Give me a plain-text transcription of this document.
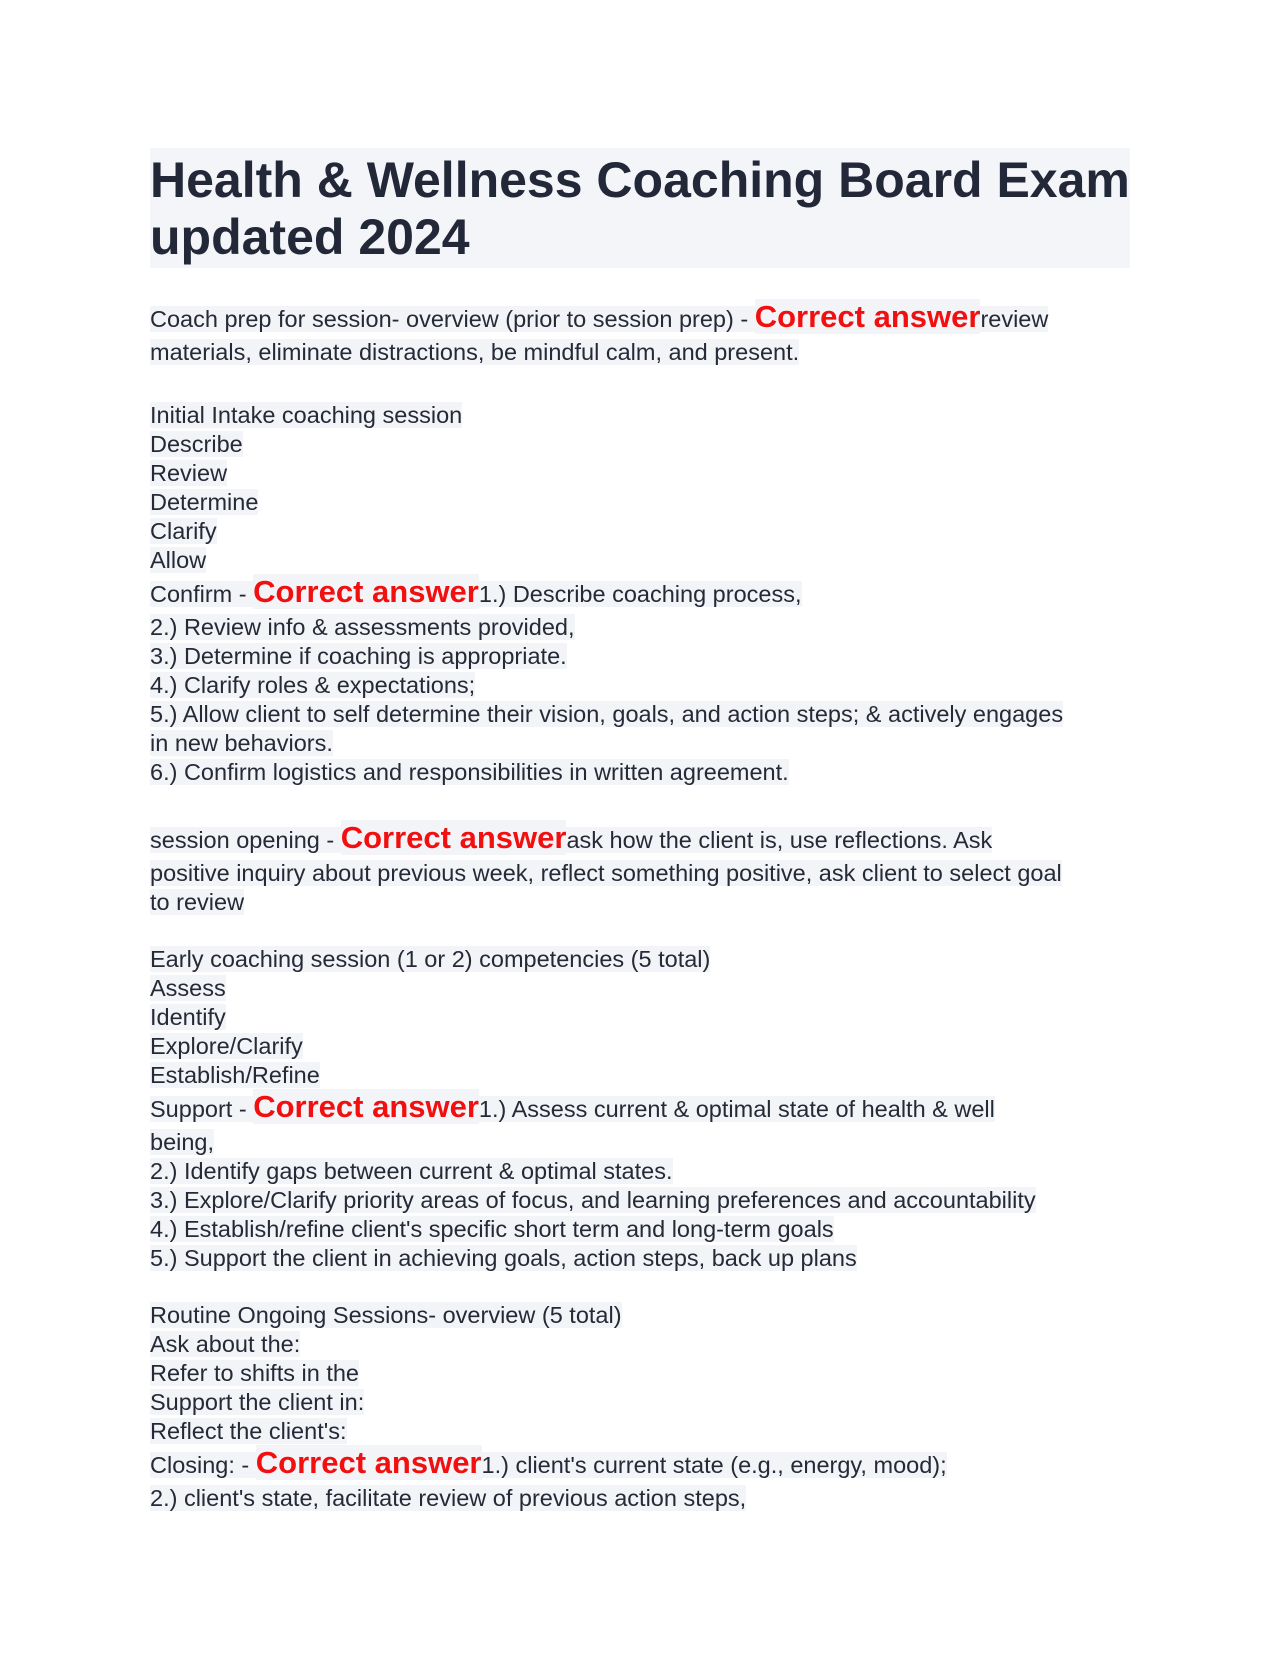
Health & Wellness Coaching Board Exam updated 2024
Coach prep for session- overview (prior to session prep) - Correct answerreview
materials, eliminate distractions, be mindful calm, and present.
Initial Intake coaching session
Describe
Review
Determine
Clarify
Allow
Confirm - Correct answer1.) Describe coaching process,
2.) Review info & assessments provided,
3.) Determine if coaching is appropriate.
4.) Clarify roles & expectations;
5.) Allow client to self determine their vision, goals, and action steps; & actively engages
in new behaviors.
6.) Confirm logistics and responsibilities in written agreement.
session opening - Correct answerask how the client is, use reflections. Ask
positive inquiry about previous week, reflect something positive, ask client to select goal
to review
Early coaching session (1 or 2) competencies (5 total)
Assess
Identify
Explore/Clarify
Establish/Refine
Support - Correct answer1.) Assess current & optimal state of health & well
being,
2.) Identify gaps between current & optimal states.
3.) Explore/Clarify priority areas of focus, and learning preferences and accountability
4.) Establish/refine client's specific short term and long-term goals
5.) Support the client in achieving goals, action steps, back up plans
Routine Ongoing Sessions- overview (5 total)
Ask about the:
Refer to shifts in the
Support the client in:
Reflect the client's:
Closing: - Correct answer1.) client's current state (e.g., energy, mood);
2.) client's state, facilitate review of previous action steps,
